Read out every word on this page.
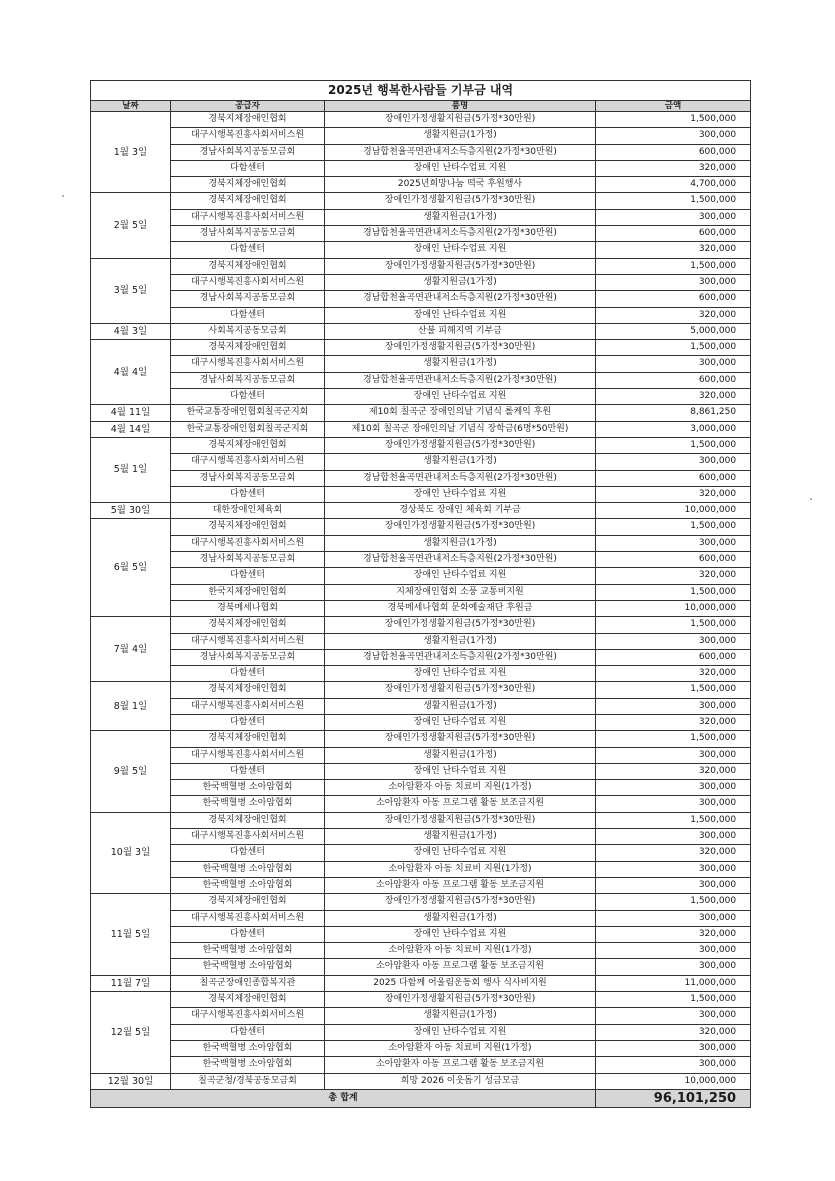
2025년 행복한사람들 기부금 내역			
날짜	공급자	품명	금액
1월 3일	경북지체장애인협회	장애인가정생활지원금(5가정*30만원)	1,500,000
	대구시행복진흥사회서비스원	생활지원금(1가정)	300,000
	경남사회복지공동모금회	경남합천율곡면관내저소득층지원(2가정*30만원)	600,000
	다함센터	장애인 난타수업료 지원	320,000
	경북지체장애인협회	2025년희망나눔 떡국 후원행사	4,700,000
2월 5일	경북지체장애인협회	장애인가정생활지원금(5가정*30만원)	1,500,000
	대구시행복진흥사회서비스원	생활지원금(1가정)	300,000
	경남사회복지공동모금회	경남합천율곡면관내저소득층지원(2가정*30만원)	600,000
	다함센터	장애인 난타수업료 지원	320,000
3월 5일	경북지체장애인협회	장애인가정생활지원금(5가정*30만원)	1,500,000
	대구시행복진흥사회서비스원	생활지원금(1가정)	300,000
	경남사회복지공동모금회	경남합천율곡면관내저소득층지원(2가정*30만원)	600,000
	다함센터	장애인 난타수업료 지원	320,000
4월 3일	사회복지공동모금회	산불 피해지역 기부금	5,000,000
4월 4일	경북지체장애인협회	장애인가정생활지원금(5가정*30만원)	1,500,000
	대구시행복진흥사회서비스원	생활지원금(1가정)	300,000
	경남사회복지공동모금회	경남합천율곡면관내저소득층지원(2가정*30만원)	600,000
	다함센터	장애인 난타수업료 지원	320,000
4월 11일	한국교통장애인협회칠곡군지회	제10회 칠곡군 장애인의날 기념식 롤케익 후원	8,861,250
4월 14일	한국교통장애인협회칠곡군지회	제10회 칠곡군 장애인의날 기념식 장학금(6명*50만원)	3,000,000
5월 1일	경북지체장애인협회	장애인가정생활지원금(5가정*30만원)	1,500,000
	대구시행복진흥사회서비스원	생활지원금(1가정)	300,000
	경남사회복지공동모금회	경남합천율곡면관내저소득층지원(2가정*30만원)	600,000
	다함센터	장애인 난타수업료 지원	320,000
5월 30일	대한장애인체육회	경상북도 장애인 체육회 기부금	10,000,000
6월 5일	경북지체장애인협회	장애인가정생활지원금(5가정*30만원)	1,500,000
	대구시행복진흥사회서비스원	생활지원금(1가정)	300,000
	경남사회복지공동모금회	경남합천율곡면관내저소득층지원(2가정*30만원)	600,000
	다함센터	장애인 난타수업료 지원	320,000
	한국지체장애인협회	지체장애인협회 소풍 교통비지원	1,500,000
	경북메세나협회	경북메세나협회 문화예술재단 후원금	10,000,000
7월 4일	경북지체장애인협회	장애인가정생활지원금(5가정*30만원)	1,500,000
	대구시행복진흥사회서비스원	생활지원금(1가정)	300,000
	경남사회복지공동모금회	경남합천율곡면관내저소득층지원(2가정*30만원)	600,000
	다함센터	장애인 난타수업료 지원	320,000
8월 1일	경북지체장애인협회	장애인가정생활지원금(5가정*30만원)	1,500,000
	대구시행복진흥사회서비스원	생활지원금(1가정)	300,000
	다함센터	장애인 난타수업료 지원	320,000
9월 5일	경북지체장애인협회	장애인가정생활지원금(5가정*30만원)	1,500,000
	대구시행복진흥사회서비스원	생활지원금(1가정)	300,000
	다함센터	장애인 난타수업료 지원	320,000
	한국백혈병 소아암협회	소아암환자 아동 치료비 지원(1가정)	300,000
	한국백혈병 소아암협회	소아암환자 아동 프로그램 활동 보조금지원	300,000
10월 3일	경북지체장애인협회	장애인가정생활지원금(5가정*30만원)	1,500,000
	대구시행복진흥사회서비스원	생활지원금(1가정)	300,000
	다함센터	장애인 난타수업료 지원	320,000
	한국백혈병 소아암협회	소아암환자 아동 치료비 지원(1가정)	300,000
	한국백혈병 소아암협회	소아암환자 아동 프로그램 활동 보조금지원	300,000
11월 5일	경북지체장애인협회	장애인가정생활지원금(5가정*30만원)	1,500,000
	대구시행복진흥사회서비스원	생활지원금(1가정)	300,000
	다함센터	장애인 난타수업료 지원	320,000
	한국백혈병 소아암협회	소아암환자 아동 치료비 지원(1가정)	300,000
	한국백혈병 소아암협회	소아암환자 아동 프로그램 활동 보조금지원	300,000
11월 7일	칠곡군장애인종합복지관	2025 다함께 어울림운동회 행사 식사비지원	11,000,000
12월 5일	경북지체장애인협회	장애인가정생활지원금(5가정*30만원)	1,500,000
	대구시행복진흥사회서비스원	생활지원금(1가정)	300,000
	다함센터	장애인 난타수업료 지원	320,000
	한국백혈병 소아암협회	소아암환자 아동 치료비 지원(1가정)	300,000
	한국백혈병 소아암협회	소아암환자 아동 프로그램 활동 보조금지원	300,000
12월 30일	칠곡군청/경북공동모금회	희망 2026 이웃돕기 성금모금	10,000,000
총 합계			96,101,250
